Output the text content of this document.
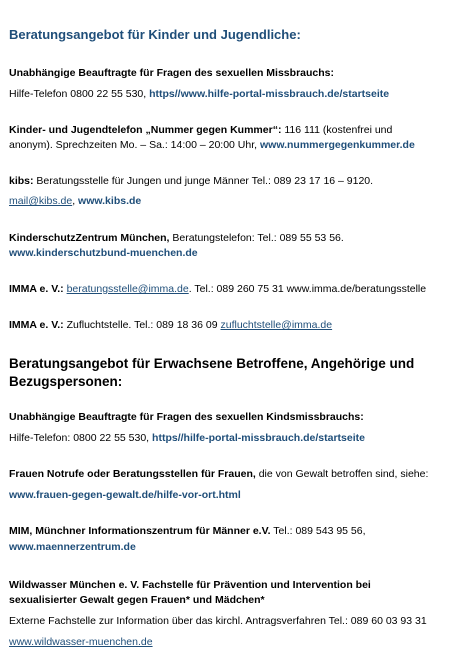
Beratungsangebot für Kinder und Jugendliche:
Unabhängige Beauftragte für Fragen des sexuellen Missbrauchs:
Hilfe-Telefon 0800 22 55 530, https//www.hilfe-portal-missbrauch.de/startseite
Kinder- und Jugendtelefon „Nummer gegen Kummer“: 116 111 (kostenfrei und
anonym). Sprechzeiten Mo. – Sa.: 14:00 – 20:00 Uhr, www.nummergegenkummer.de
kibs: Beratungsstelle für Jungen und junge Männer Tel.: 089 23 17 16 – 9120.
mail@kibs.de, www.kibs.de
KinderschutzZentrum München, Beratungstelefon: Tel.: 089 55 53 56.
www.kinderschutzbund-muenchen.de
IMMA e. V.: beratungsstelle@imma.de. Tel.: 089 260 75 31 www.imma.de/beratungsstelle
IMMA e. V.: Zufluchtstelle. Tel.: 089 18 36 09 zufluchtstelle@imma.de
Beratungsangebot für Erwachsene Betroffene, Angehörige und Bezugspersonen:
Unabhängige Beauftragte für Fragen des sexuellen Kindsmissbrauchs:
Hilfe-Telefon: 0800 22 55 530, https//hilfe-portal-missbrauch.de/startseite
Frauen Notrufe oder Beratungsstellen für Frauen, die von Gewalt betroffen sind, siehe:
www.frauen-gegen-gewalt.de/hilfe-vor-ort.html
MIM, Münchner Informationszentrum für Männer e.V. Tel.: 089 543 95 56,
www.maennerzentrum.de
Wildwasser München e. V. Fachstelle für Prävention und Intervention bei
sexualisierter Gewalt gegen Frauen* und Mädchen*
Externe Fachstelle zur Information über das kirchl. Antragsverfahren Tel.: 089 60 03 93 31
www.wildwasser-muenchen.de
